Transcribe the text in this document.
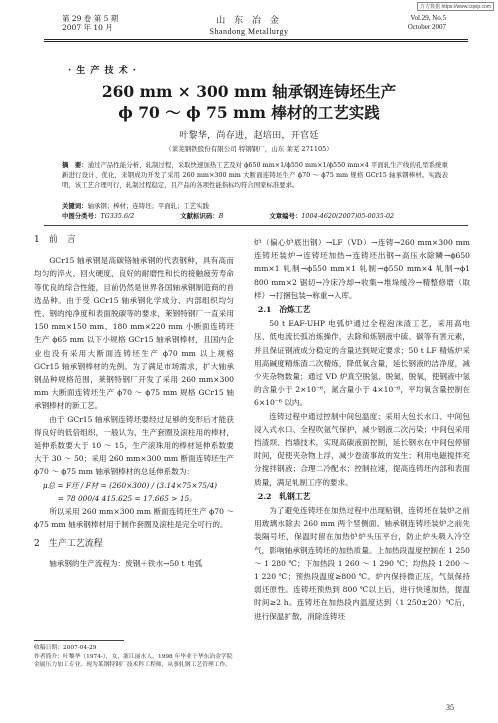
万方数据 https://www.cqvip.com
第 29 卷 第 5 期
2007 年 10 月
山 东 冶 金
Shandong Metallurgy
Vol.29, No.5
October 2007
· 生 产 技 术 ·
260 mm × 300 mm 轴承钢连铸坯生产
ϕ 70 ～ ϕ 75 mm 棒材的工艺实践
叶黎华，尚存进，赵培田，开官廷
（莱芜钢铁股份有限公司 特钢钢厂，山东 莱芜 271105）

摘　要：通过产品性能分析、轧制过程，采取快速加热工艺及对 ϕ650 mm×1/ϕ550 mm×1/ϕ550 mm×4 平面轧生产线的孔型系统重新进行设计、优化，来钢成功开发了采用 260 mm×300 mm 大断面连铸坯生产 ϕ70 ～ ϕ75 mm 规格 GCr15 轴承钢棒材。实践表明，该工艺合理可行，轧制过程稳定，且产品的各项性能指标均符合国家标准要求。

关键词：轴承钢；棒材；连铸坯；平面轧；工艺实践
中图分类号：TG335.6/2	文献标识码：B	文章编号：1004-4620(2007)05-0035-02
1　前　言

GCr15 轴承钢是高碳铬轴承钢的代表钢种，具有高而均匀的淬火、回火硬度，良好的耐磨性和长的接触疲劳寿命等优良的综合性能，目前仍然是世界各国轴承钢制造商的首选品种。由于受 GCr15 轴承钢化学成分、内部组织均匀性、钢的纯净度和表面脱碳等的要求，莱钢特钢厂一直采用 150 mm×150 mm、180 mm×220 mm 小断面连铸坯生产 ϕ65 mm 以下小规格 GCr15 轴承钢棒材，且国内企业也没有采用大断面连铸坯生产 ϕ70 mm 以上规格 GCr15 轴承钢棒材的先例。为了满足市场需求，扩大轴承钢品种规格范围，莱钢特钢厂开发了采用 260 mm×300 mm 大断面连铸坯生产 ϕ70 ～ ϕ75 mm 规格 GCr15 轴承钢棒材的新工艺。

由于 GCr15 轴承钢连铸坯要经过足够的变形后才能获得良好的低倍组织，一般认为，生产套圈及滚柱用的棒材，延伸系数要大于 10 ～ 15，生产滚珠用的棒材延伸系数要大于 30 ～ 50；采用 260 mm×300 mm 断面连铸坯生产 ϕ70 ～ ϕ75 mm 轴承钢棒材的总延伸系数为：

μ总 = F坯 / F材 = (260×300) / (3.14×75×75/4)

= 78 000/4 415.625 = 17.665 > 15。

所以采用 260 mm×300 mm 断面连铸坯生产 ϕ70 ～ ϕ75 mm 轴承钢棒材用于制作套圈及滚柱是完全可行的。

2　生产工艺流程

轴承钢的生产流程为：废钢＋铁水→50 t 电弧

炉（偏心炉底出钢）→LF（VD）→连铸→260 mm×300 mm 连铸坯装炉→连铸坯加热→连铸坯出钢→高压水除鳞→ϕ650 mm×1 轧制→ϕ550 mm×1 轧制→ϕ550 mm×4 轧制→ϕ1 800 mm×2 锯切→冷床冷却→收集→堆垛缓冷→精整修磨（取样）→打捆包装→称重→入库。

2.1　冶炼工艺

50 t EAF-UHP 电弧炉通过全程泡沫渣工艺，采用高电压、低电流长弧冶炼操作，去除和炼钢液中硫、碳等有害元素，并且保证钢液成分稳定的含量达到规定要求；50 t LF 精炼炉采用高碱度精炼渣二次精炼，降低氧含量，延长钢液的洁净度，减少夹杂物数量；通过 VD 炉真空脱氢、脱氮、脱氧，使钢液中氢的含量小于 2×10⁻⁶，氮含量小于 4×10⁻⁶，平均氧含量控制在 6×10⁻⁶ 以内。

连铸过程中通过控制中间包温度；采用大包长水口、中间包浸入式水口、全程吹氩气保护，减少钢液二次污染；中间包采用挡渣坝、挡墙技术，实现高碳液面控制，延长钢水在中间包停留时间，促使夹杂物上浮，减少卷渣事故的发生；利用电磁搅拌充分搅拌钢液；合理二冷配水；控制拉速，提高连铸坯内部和表面质量，满足轧制工序的要求。

2.2　轧钢工艺

为了避免连铸坯在加热过程中出现粘钢，连铸坯在装炉之前用玻璃水除去 260 mm 两个竖侧面。轴承钢连铸坯装炉之前先装隔号坯，保温时留在加热炉炉头压平台，防止炉头吸入冷空气，影响轴承钢连铸坯的加热质量。上加热段温度控制在 1 250 ～ 1 280 ℃；下加热段 1 260 ～ 1 290 ℃；均热段 1 200 ～ 1 220 ℃；预热段温度≥800 ℃。炉内保持微正压，气氛保持弱还原性。连铸坯预热到 800 ℃以上后，进行快速加热，提温时间≥2 h。连铸坯在加热段内温度达到（1 250±20）℃后，进行保温扩散，消除连铸坯

收稿日期：2007-04-29
作者简介：叶黎华（1974-），女，浙江丽水人，1998 年毕业于华东冶金学院金属压力加工专业。现为莱钢特钢厂技术科工程师，从事轧钢工艺管理工作。
35
